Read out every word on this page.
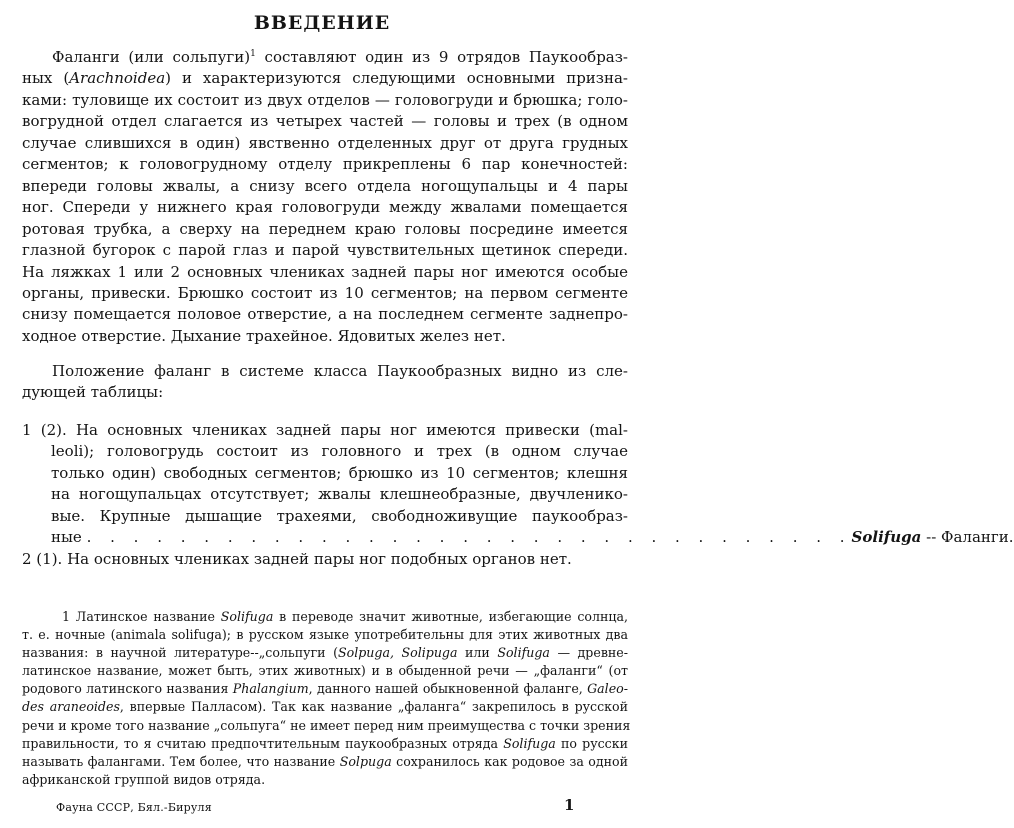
ВВЕДЕНИЕ
Фаланги (или сольпуги)$^1$ составляют один из 9 отрядов Паукообраз-
ных (Arachnoidea) и характеризуются следующими основными призна-
ками: туловище их состоит из двух отделов — головогруди и брюшка; голо-
вогрудной отдел слагается из четырех частей — головы и трех (в одном
случае слившихся в один) явственно отделенных друг от друга грудных
сегментов; к головогрудному отделу прикреплены 6 пар конечностей:
впереди головы жвалы, а снизу всего отдела ногощупальцы и 4 пары
ног. Спереди у нижнего края головогруди между жвалами помещается
ротовая трубка, а сверху на переднем краю головы посредине имеется
глазной бугорок с парой глаз и парой чувствительных щетинок спереди.
На ляжках 1 или 2 основных члениках задней пары ног имеются особые
органы, привески. Брюшко состоит из 10 сегментов; на первом сегменте
снизу помещается половое отверстие, а на последнем сегменте заднепро-
ходное отверстие. Дыхание трахейное. Ядовитых желез нет.
Положение фаланг в системе класса Паукообразных видно из сле-
дующей таблицы:
1 (2). На основных члениках задней пары ног имеются привески (mal-
leoli); головогрудь состоит из головного и трех (в одном случае
только один) свободных сегментов; брюшко из 10 сегментов; клешня
на ногощупальцах отсутствует; жвалы клешнеобразные, двучленико-
вые. Крупные дышащие трахеями, свободноживущие паукообраз-
ные . . . . . . . . . . . . . . . . . . . . . . . . . . . . . . . . .Solifuga -- Фаланги.
2 (1). На основных члениках задней пары ног подобных органов нет.
1 Латинское название Solifuga в переводе значит животные, избегающие солнца,
т. е. ночные (animala solifuga); в русском языке употребительны для этих животных два
названия: в научной литературе--„сольпуги (Solpuga, Solipuga или Solifuga — древне-
латинское название, может быть, этих животных) и в обыденной речи — „фаланги“ (от
родового латинского названия Phalangium, данного нашей обыкновенной фаланге, Galeo-
des araneoides, впервые Палласом). Так как название „фаланга“ закрепилось в русской
речи и кроме того название „сольпуга“ не имеет перед ним преимущества с точки зрения
правильности, то я считаю предпочтительным паукообразных отряда Solifuga по русски
называть фалангами. Тем более, что название Solpuga сохранилось как родовое за одной
африканской группой видов отряда.
Фауна СССР, Бял.-Бируля	1
